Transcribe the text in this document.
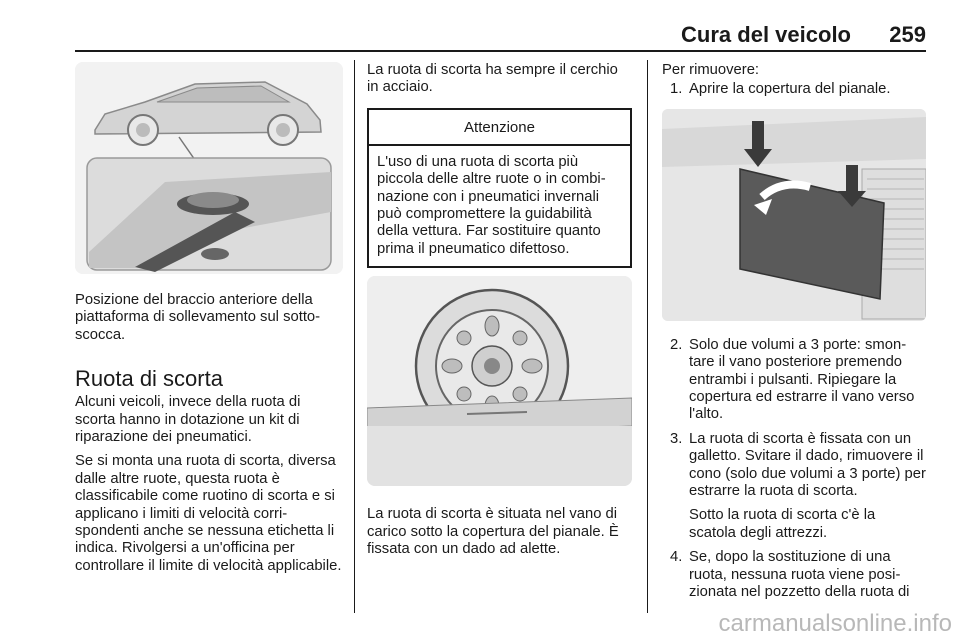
Cura del veicolo 259

Posizione del braccio anteriore della piattaforma di sollevamento sul sottoscocca.

Ruota di scorta

Alcuni veicoli, invece della ruota di scorta hanno in dotazione un kit di riparazione dei pneumatici.

Se si monta una ruota di scorta, diversa dalle altre ruote, questa ruota è classificabile come ruotino di scorta e si applicano i limiti di velocità corrispondenti anche se nessuna etichetta li indica. Rivolgersi a un'officina per controllare il limite di velocità applicabile.

La ruota di scorta ha sempre il cerchio in acciaio.

Attenzione

L'uso di una ruota di scorta più piccola delle altre ruote o in combinazione con i pneumatici invernali può compromettere la guidabilità della vettura. Far sostituire quanto prima il pneumatico difettoso.

La ruota di scorta è situata nel vano di carico sotto la copertura del pianale. È fissata con un dado ad alette.

Per rimuovere:

1. Aprire la copertura del pianale.
2. Solo due volumi a 3 porte: smontare il vano posteriore premendo entrambi i pulsanti. Ripiegare la copertura ed estrarre il vano verso l'alto.
3. La ruota di scorta è fissata con un galletto. Svitare il dado, rimuovere il cono (solo due volumi a 3 porte) per estrarre la ruota di scorta.

Sotto la ruota di scorta c'è la scatola degli attrezzi.

4. Se, dopo la sostituzione di una ruota, nessuna ruota viene posizionata nel pozzetto della ruota di
carmanualsonline.info
